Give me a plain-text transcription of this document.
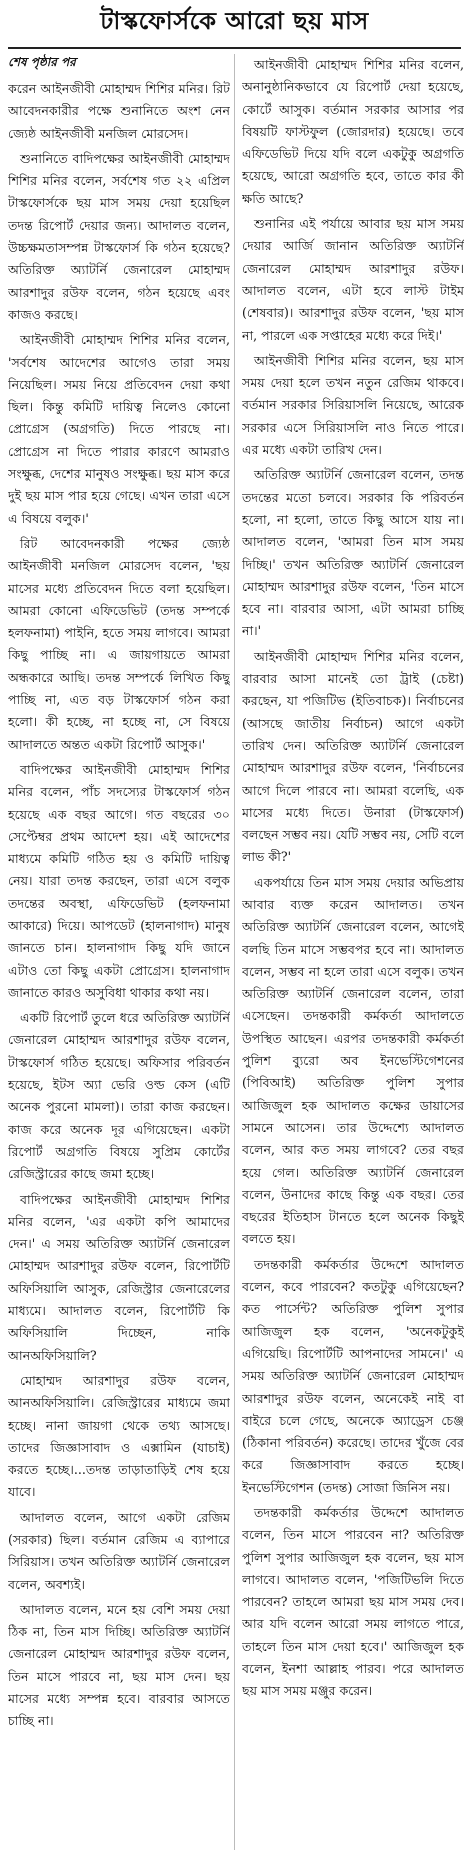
টাস্কফোর্সকে আরো ছয় মাস
শেষ পৃষ্ঠার পর

করেন আইনজীবী মোহাম্মদ শিশির মনির। রিট আবেদনকারীর পক্ষে শুনানিতে অংশ নেন জ্যেষ্ঠ আইনজীবী মনজিল মোরসেদ।

শুনানিতে বাদিপক্ষের আইনজীবী মোহাম্মদ শিশির মনির বলেন, সর্বশেষ গত ২২ এপ্রিল টাস্কফোর্সকে ছয় মাস সময় দেয়া হয়েছিল তদন্ত রিপোর্ট দেয়ার জন্য। আদালত বলেন, উচ্চক্ষমতাসম্পন্ন টাস্কফোর্স কি গঠন হয়েছে? অতিরিক্ত অ্যাটর্নি জেনারেল মোহাম্মদ আরশাদুর রউফ বলেন, গঠন হয়েছে এবং কাজও করছে।

আইনজীবী মোহাম্মদ শিশির মনির বলেন, 'সর্বশেষ আদেশের আগেও তারা সময় নিয়েছিল। সময় নিয়ে প্রতিবেদন দেয়া কথা ছিল। কিন্তু কমিটি দায়িত্ব নিলেও কোনো প্রোগ্রেস (অগ্রগতি) দিতে পারছে না। প্রোগ্রেস না দিতে পারার কারণে আমরাও সংক্ষুব্ধ, দেশের মানুষও সংক্ষুব্ধ। ছয় মাস করে দুই ছয় মাস পার হয়ে গেছে। এখন তারা এসে এ বিষয়ে বলুক।'

রিট আবেদনকারী পক্ষের জ্যেষ্ঠ আইনজীবী মনজিল মোরসেদ বলেন, 'ছয় মাসের মধ্যে প্রতিবেদন দিতে বলা হয়েছিল। আমরা কোনো এফিডেভিট (তদন্ত সম্পর্কে হলফনামা) পাইনি, হতে সময় লাগবে। আমরা কিছু পাচ্ছি না। এ জায়গায়তে আমরা অন্ধকারে আছি। তদন্ত সম্পর্কে লিখিত কিছু পাচ্ছি না, এত বড় টাস্কফোর্স গঠন করা হলো। কী হচ্ছে, না হচ্ছে না, সে বিষয়ে আদালতে অন্তত একটা রিপোর্ট আসুক।'

বাদিপক্ষের আইনজীবী মোহাম্মদ শিশির মনির বলেন, পাঁচ সদস্যের টাস্কফোর্স গঠন হয়েছে এক বছর আগে। গত বছরের ৩০ সেপ্টেম্বর প্রথম আদেশ হয়। এই আদেশের মাধ্যমে কমিটি গঠিত হয় ও কমিটি দায়িত্ব নেয়। যারা তদন্ত করছেন, তারা এসে বলুক তদন্তের অবস্থা, এফিডেভিট (হলফনামা আকারে) দিয়ে। আপডেট (হালনাগাদ) মানুষ জানতে চান। হালনাগাদ কিছু যদি জানে এটাও তো কিছু একটা প্রোগ্রেস। হালনাগাদ জানাতে কারও অসুবিধা থাকার কথা নয়।

একটি রিপোর্ট তুলে ধরে অতিরিক্ত অ্যাটর্নি জেনারেল মোহাম্মদ আরশাদুর রউফ বলেন, টাস্কফোর্স গঠিত হয়েছে। অফিসার পরিবর্তন হয়েছে, ইটস অ্যা ভেরি ওল্ড কেস (এটি অনেক পুরনো মামলা)। তারা কাজ করছেন। কাজ করে অনেক দূর এগিয়েছেন। একটা রিপোর্ট অগ্রগতি বিষয়ে সুপ্রিম কোর্টের রেজিস্ট্রারের কাছে জমা হচ্ছে।

বাদিপক্ষের আইনজীবী মোহাম্মদ শিশির মনির বলেন, 'এর একটা কপি আমাদের দেন।' এ সময় অতিরিক্ত অ্যাটর্নি জেনারেল মোহাম্মদ আরশাদুর রউফ বলেন, রিপোর্টটি অফিসিয়ালি আসুক, রেজিস্ট্রার জেনারেলের মাধ্যমে। আদালত বলেন, রিপোর্টটি কি অফিসিয়ালি দিচ্ছেন, নাকি আনঅফিসিয়ালি?

মোহাম্মদ আরশাদুর রউফ বলেন, আনঅফিসিয়ালি। রেজিস্ট্রারের মাধ্যমে জমা হচ্ছে। নানা জায়গা থেকে তথ্য আসছে। তাদের জিজ্ঞাসাবাদ ও এক্সামিন (যাচাই) করতে হচ্ছে।...তদন্ত তাড়াতাড়িই শেষ হয়ে যাবে।

আদালত বলেন, আগে একটা রেজিম (সরকার) ছিল। বর্তমান রেজিম এ ব্যাপারে সিরিয়াস। তখন অতিরিক্ত অ্যাটর্নি জেনারেল বলেন, অবশ্যই।

আদালত বলেন, মনে হয় বেশি সময় দেয়া ঠিক না, তিন মাস দিচ্ছি। অতিরিক্ত অ্যাটর্নি জেনারেল মোহাম্মদ আরশাদুর রউফ বলেন, তিন মাসে পারবে না, ছয় মাস দেন। ছয় মাসের মধ্যে সম্পন্ন হবে। বারবার আসতে চাচ্ছি না।

আইনজীবী মোহাম্মদ শিশির মনির বলেন, অনানুষ্ঠানিকভাবে যে রিপোর্ট দেয়া হয়েছে, কোর্টে আসুক। বর্তমান সরকার আসার পর বিষয়টি ফাস্টফুল (জোরদার) হয়েছে। তবে এফিডেভিট দিয়ে যদি বলে একটুকু অগ্রগতি হয়েছে, আরো অগ্রগতি হবে, তাতে কার কী ক্ষতি আছে?

শুনানির এই পর্যায়ে আবার ছয় মাস সময় দেয়ার আর্জি জানান অতিরিক্ত অ্যাটর্নি জেনারেল মোহাম্মদ আরশাদুর রউফ। আদালত বলেন, এটা হবে লাস্ট টাইম (শেষবার)। আরশাদুর রউফ বলেন, 'ছয় মাস না, পারলে এক সপ্তাহের মধ্যে করে দিই।'

আইনজীবী শিশির মনির বলেন, ছয় মাস সময় দেয়া হলে তখন নতুন রেজিম থাকবে। বর্তমান সরকার সিরিয়াসলি নিয়েছে, আরেক সরকার এসে সিরিয়াসলি নাও নিতে পারে। এর মধ্যে একটা তারিখ দেন।

অতিরিক্ত অ্যাটর্নি জেনারেল বলেন, তদন্ত তদন্তের মতো চলবে। সরকার কি পরিবর্তন হলো, না হলো, তাতে কিছু আসে যায় না। আদালত বলেন, 'আমরা তিন মাস সময় দিচ্ছি।' তখন অতিরিক্ত অ্যাটর্নি জেনারেল মোহাম্মদ আরশাদুর রউফ বলেন, 'তিন মাসে হবে না। বারবার আসা, এটা আমরা চাচ্ছি না।'

আইনজীবী মোহাম্মদ শিশির মনির বলেন, বারবার আসা মানেই তো ট্রাই (চেষ্টা) করছেন, যা পজিটিভ (ইতিবাচক)। নির্বাচনের (আসছে জাতীয় নির্বাচন) আগে একটা তারিখ দেন। অতিরিক্ত অ্যাটর্নি জেনারেল মোহাম্মদ আরশাদুর রউফ বলেন, 'নির্বাচনের আগে দিলে পারবে না। আমরা বলেছি, এক মাসের মধ্যে দিতে। উনারা (টাস্কফোর্স) বলছেন সম্ভব নয়। যেটি সম্ভব নয়, সেটি বলে লাভ কী?'

একপর্যায়ে তিন মাস সময় দেয়ার অভিপ্রায় আবার ব্যক্ত করেন আদালত। তখন অতিরিক্ত অ্যাটর্নি জেনারেল বলেন, আগেই বলছি তিন মাসে সম্ভবপর হবে না। আদালত বলেন, সম্ভব না হলে তারা এসে বলুক। তখন অতিরিক্ত অ্যাটর্নি জেনারেল বলেন, তারা এসেছেন। তদন্তকারী কর্মকর্তা আদালতে উপস্থিত আছেন। এরপর তদন্তকারী কর্মকর্তা পুলিশ ব্যুরো অব ইনভেস্টিগেশনের (পিবিআই) অতিরিক্ত পুলিশ সুপার আজিজুল হক আদালত কক্ষের ডায়াসের সামনে আসেন। তার উদ্দেশ্যে আদালত বলেন, আর কত সময় লাগবে? তের বছর হয়ে গেল। অতিরিক্ত অ্যাটর্নি জেনারেল বলেন, উনাদের কাছে কিন্তু এক বছর। তের বছরের ইতিহাস টানতে হলে অনেক কিছুই বলতে হয়।

তদন্তকারী কর্মকর্তার উদ্দেশে আদালত বলেন, কবে পারবেন? কতটুকু এগিয়েছেন? কত পার্সেন্ট? অতিরিক্ত পুলিশ সুপার আজিজুল হক বলেন, 'অনেকটুকুই এগিয়েছি। রিপোর্টটি আপনাদের সামনে।' এ সময় অতিরিক্ত অ্যাটর্নি জেনারেল মোহাম্মদ আরশাদুর রউফ বলেন, অনেকেই নাই বা বাইরে চলে গেছে, অনেকে অ্যাড্রেস চেঞ্জ (ঠিকানা পরিবর্তন) করেছে। তাদের খুঁজে বের করে জিজ্ঞাসাবাদ করতে হচ্ছে। ইনভেস্টিগেশন (তদন্ত) সোজা জিনিস নয়।

তদন্তকারী কর্মকর্তার উদ্দেশে আদালত বলেন, তিন মাসে পারবেন না? অতিরিক্ত পুলিশ সুপার আজিজুল হক বলেন, ছয় মাস লাগবে। আদালত বলেন, 'পজিটিভলি দিতে পারবেন? তাহলে আমরা ছয় মাস সময় দেব। আর যদি বলেন আরো সময় লাগতে পারে, তাহলে তিন মাস দেয়া হবে।' আজিজুল হক বলেন, ইনশা আল্লাহ পারব। পরে আদালত ছয় মাস সময় মঞ্জুর করেন।
